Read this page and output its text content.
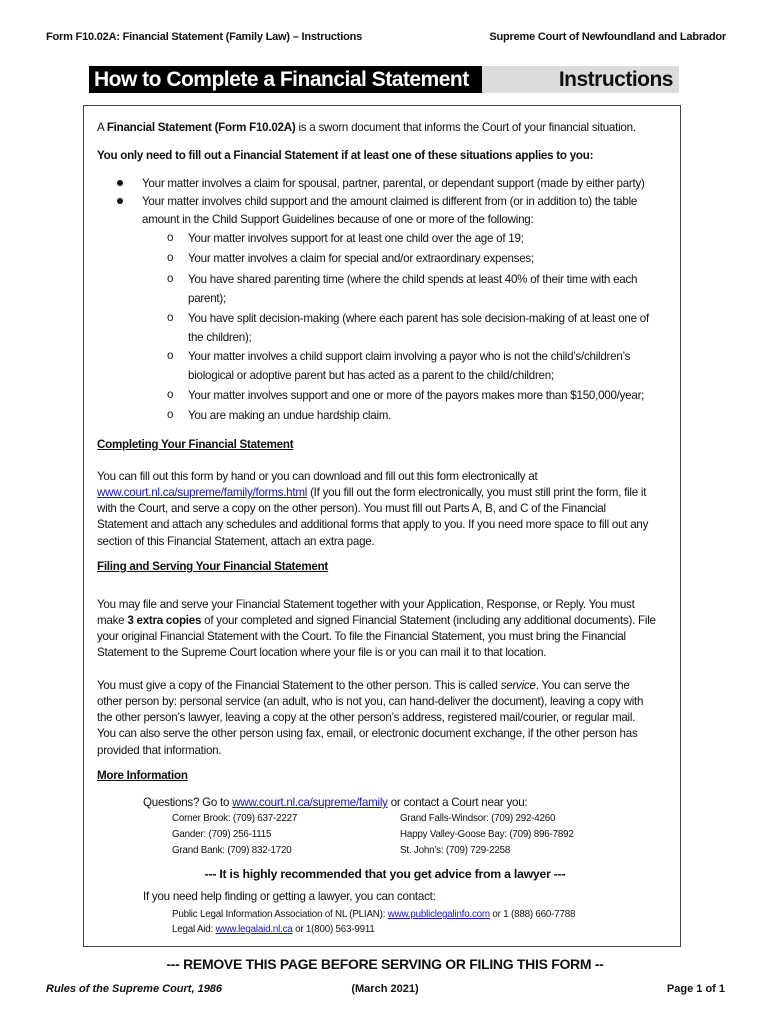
Form F10.02A: Financial Statement (Family Law) – Instructions	Supreme Court of Newfoundland and Labrador
How to Complete a Financial Statement	Instructions
A Financial Statement (Form F10.02A) is a sworn document that informs the Court of your financial situation.
You only need to fill out a Financial Statement if at least one of these situations applies to you:
Your matter involves a claim for spousal, partner, parental, or dependant support (made by either party)
Your matter involves child support and the amount claimed is different from (or in addition to) the table
amount in the Child Support Guidelines because of one or more of the following:
o Your matter involves support for at least one child over the age of 19;
o Your matter involves a claim for special and/or extraordinary expenses;
o You have shared parenting time (where the child spends at least 40% of their time with each
parent);
o You have split decision-making (where each parent has sole decision-making of at least one of
the children);
o Your matter involves a child support claim involving a payor who is not the child’s/children’s
biological or adoptive parent but has acted as a parent to the child/children;
o Your matter involves support and one or more of the payors makes more than $150,000/year;
o You are making an undue hardship claim.
Completing Your Financial Statement
You can fill out this form by hand or you can download and fill out this form electronically at
www.court.nl.ca/supreme/family/forms.html (If you fill out the form electronically, you must still print the form, file it
with the Court, and serve a copy on the other person). You must fill out Parts A, B, and C of the Financial
Statement and attach any schedules and additional forms that apply to you. If you need more space to fill out any
section of this Financial Statement, attach an extra page.
Filing and Serving Your Financial Statement
You may file and serve your Financial Statement together with your Application, Response, or Reply. You must
make 3 extra copies of your completed and signed Financial Statement (including any additional documents). File
your original Financial Statement with the Court. To file the Financial Statement, you must bring the Financial
Statement to the Supreme Court location where your file is or you can mail it to that location.
You must give a copy of the Financial Statement to the other person. This is called service. You can serve the
other person by: personal service (an adult, who is not you, can hand-deliver the document), leaving a copy with
the other person’s lawyer, leaving a copy at the other person’s address, registered mail/courier, or regular mail.
You can also serve the other person using fax, email, or electronic document exchange, if the other person has
provided that information.
More Information
Questions? Go to www.court.nl.ca/supreme/family or contact a Court near you:
Corner Brook: (709) 637-2227	Grand Falls-Windsor: (709) 292-4260
Gander: (709) 256-1115	Happy Valley-Goose Bay: (709) 896-7892
Grand Bank: (709) 832-1720	St. John’s: (709) 729-2258
--- It is highly recommended that you get advice from a lawyer ---
If you need help finding or getting a lawyer, you can contact:
Public Legal Information Association of NL (PLIAN): www.publiclegalinfo.com or 1 (888) 660-7788
Legal Aid: www.legalaid.nl.ca or 1(800) 563-9911
--- REMOVE THIS PAGE BEFORE SERVING OR FILING THIS FORM --
Rules of the Supreme Court, 1986	(March 2021)	Page 1 of 1
